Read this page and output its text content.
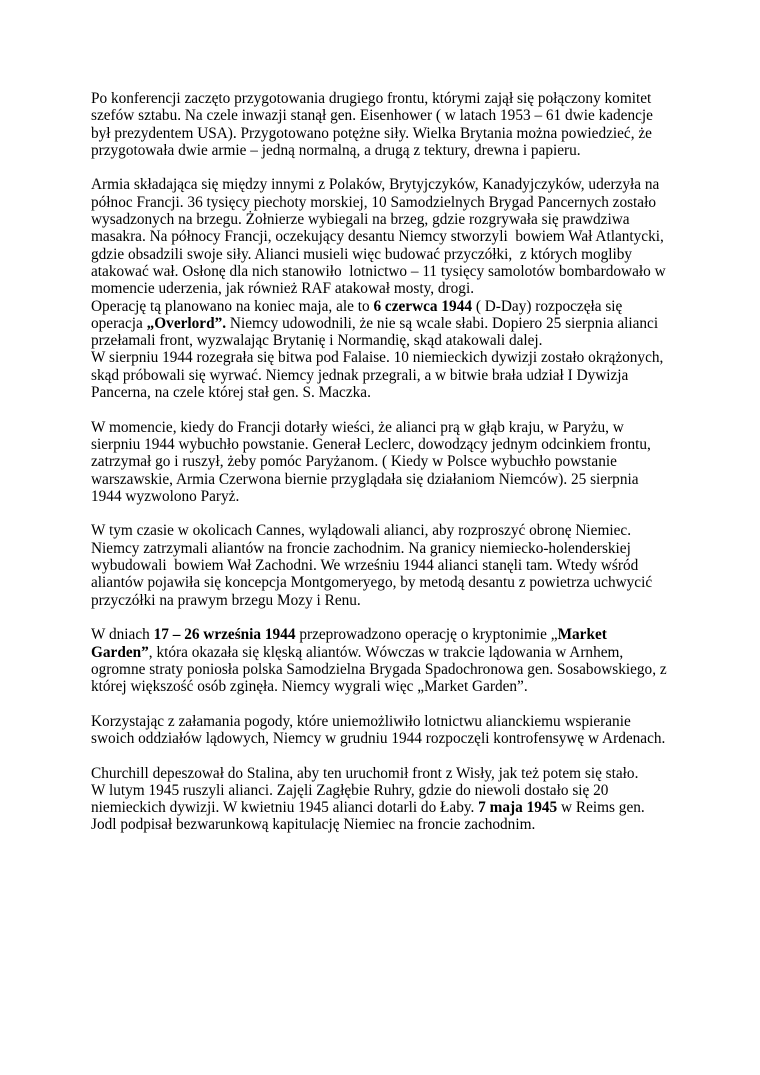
Po konferencji zaczęto przygotowania drugiego frontu, którymi zajął się połączony komitet szefów sztabu. Na czele inwazji stanął gen. Eisenhower ( w latach 1953 – 61 dwie kadencje był prezydentem USA). Przygotowano potężne siły. Wielka Brytania można powiedzieć, że przygotowała dwie armie – jedną normalną, a drugą z tektury, drewna i papieru.

Armia składająca się między innymi z Polaków, Brytyjczyków, Kanadyjczyków, uderzyła na północ Francji. 36 tysięcy piechoty morskiej, 10 Samodzielnych Brygad Pancernych zostało wysadzonych na brzegu. Żołnierze wybiegali na brzeg, gdzie rozgrywała się prawdziwa masakra. Na północy Francji, oczekujący desantu Niemcy stworzyli  bowiem Wał Atlantycki, gdzie obsadzili swoje siły. Alianci musieli więc budować przyczółki,  z których mogliby atakować wał. Osłonę dla nich stanowiło  lotnictwo – 11 tysięcy samolotów bombardowało w momencie uderzenia, jak również RAF atakował mosty, drogi.

Operację tą planowano na koniec maja, ale to 6 czerwca 1944 ( D-Day) rozpoczęła się operacja „Overlord”. Niemcy udowodnili, że nie są wcale słabi. Dopiero 25 sierpnia alianci przełamali front, wyzwalając Brytanię i Normandię, skąd atakowali dalej.

W sierpniu 1944 rozegrała się bitwa pod Falaise. 10 niemieckich dywizji zostało okrążonych, skąd próbowali się wyrwać. Niemcy jednak przegrali, a w bitwie brała udział I Dywizja Pancerna, na czele której stał gen. S. Maczka.

W momencie, kiedy do Francji dotarły wieści, że alianci prą w głąb kraju, w Paryżu, w sierpniu 1944 wybuchło powstanie. Generał Leclerc, dowodzący jednym odcinkiem frontu, zatrzymał go i ruszył, żeby pomóc Paryżanom. ( Kiedy w Polsce wybuchło powstanie warszawskie, Armia Czerwona biernie przyglądała się działaniom Niemców). 25 sierpnia 1944 wyzwolono Paryż.

W tym czasie w okolicach Cannes, wylądowali alianci, aby rozproszyć obronę Niemiec. Niemcy zatrzymali aliantów na froncie zachodnim. Na granicy niemiecko-holenderskiej wybudowali  bowiem Wał Zachodni. We wrześniu 1944 alianci stanęli tam. Wtedy wśród aliantów pojawiła się koncepcja Montgomeryego, by metodą desantu z powietrza uchwycić przyczółki na prawym brzegu Mozy i Renu.

W dniach 17 – 26 września 1944 przeprowadzono operację o kryptonimie „Market Garden”, która okazała się klęską aliantów. Wówczas w trakcie lądowania w Arnhem, ogromne straty poniosła polska Samodzielna Brygada Spadochronowa gen. Sosabowskiego, z której większość osób zginęła. Niemcy wygrali więc „Market Garden”.

Korzystając z załamania pogody, które uniemożliwiło lotnictwu alianckiemu wspieranie swoich oddziałów lądowych, Niemcy w grudniu 1944 rozpoczęli kontrofensywę w Ardenach.

Churchill depeszował do Stalina, aby ten uruchomił front z Wisły, jak też potem się stało.

W lutym 1945 ruszyli alianci. Zajęli Zagłębie Ruhry, gdzie do niewoli dostało się 20 niemieckich dywizji. W kwietniu 1945 alianci dotarli do Łaby. 7 maja 1945 w Reims gen. Jodl podpisał bezwarunkową kapitulację Niemiec na froncie zachodnim.
